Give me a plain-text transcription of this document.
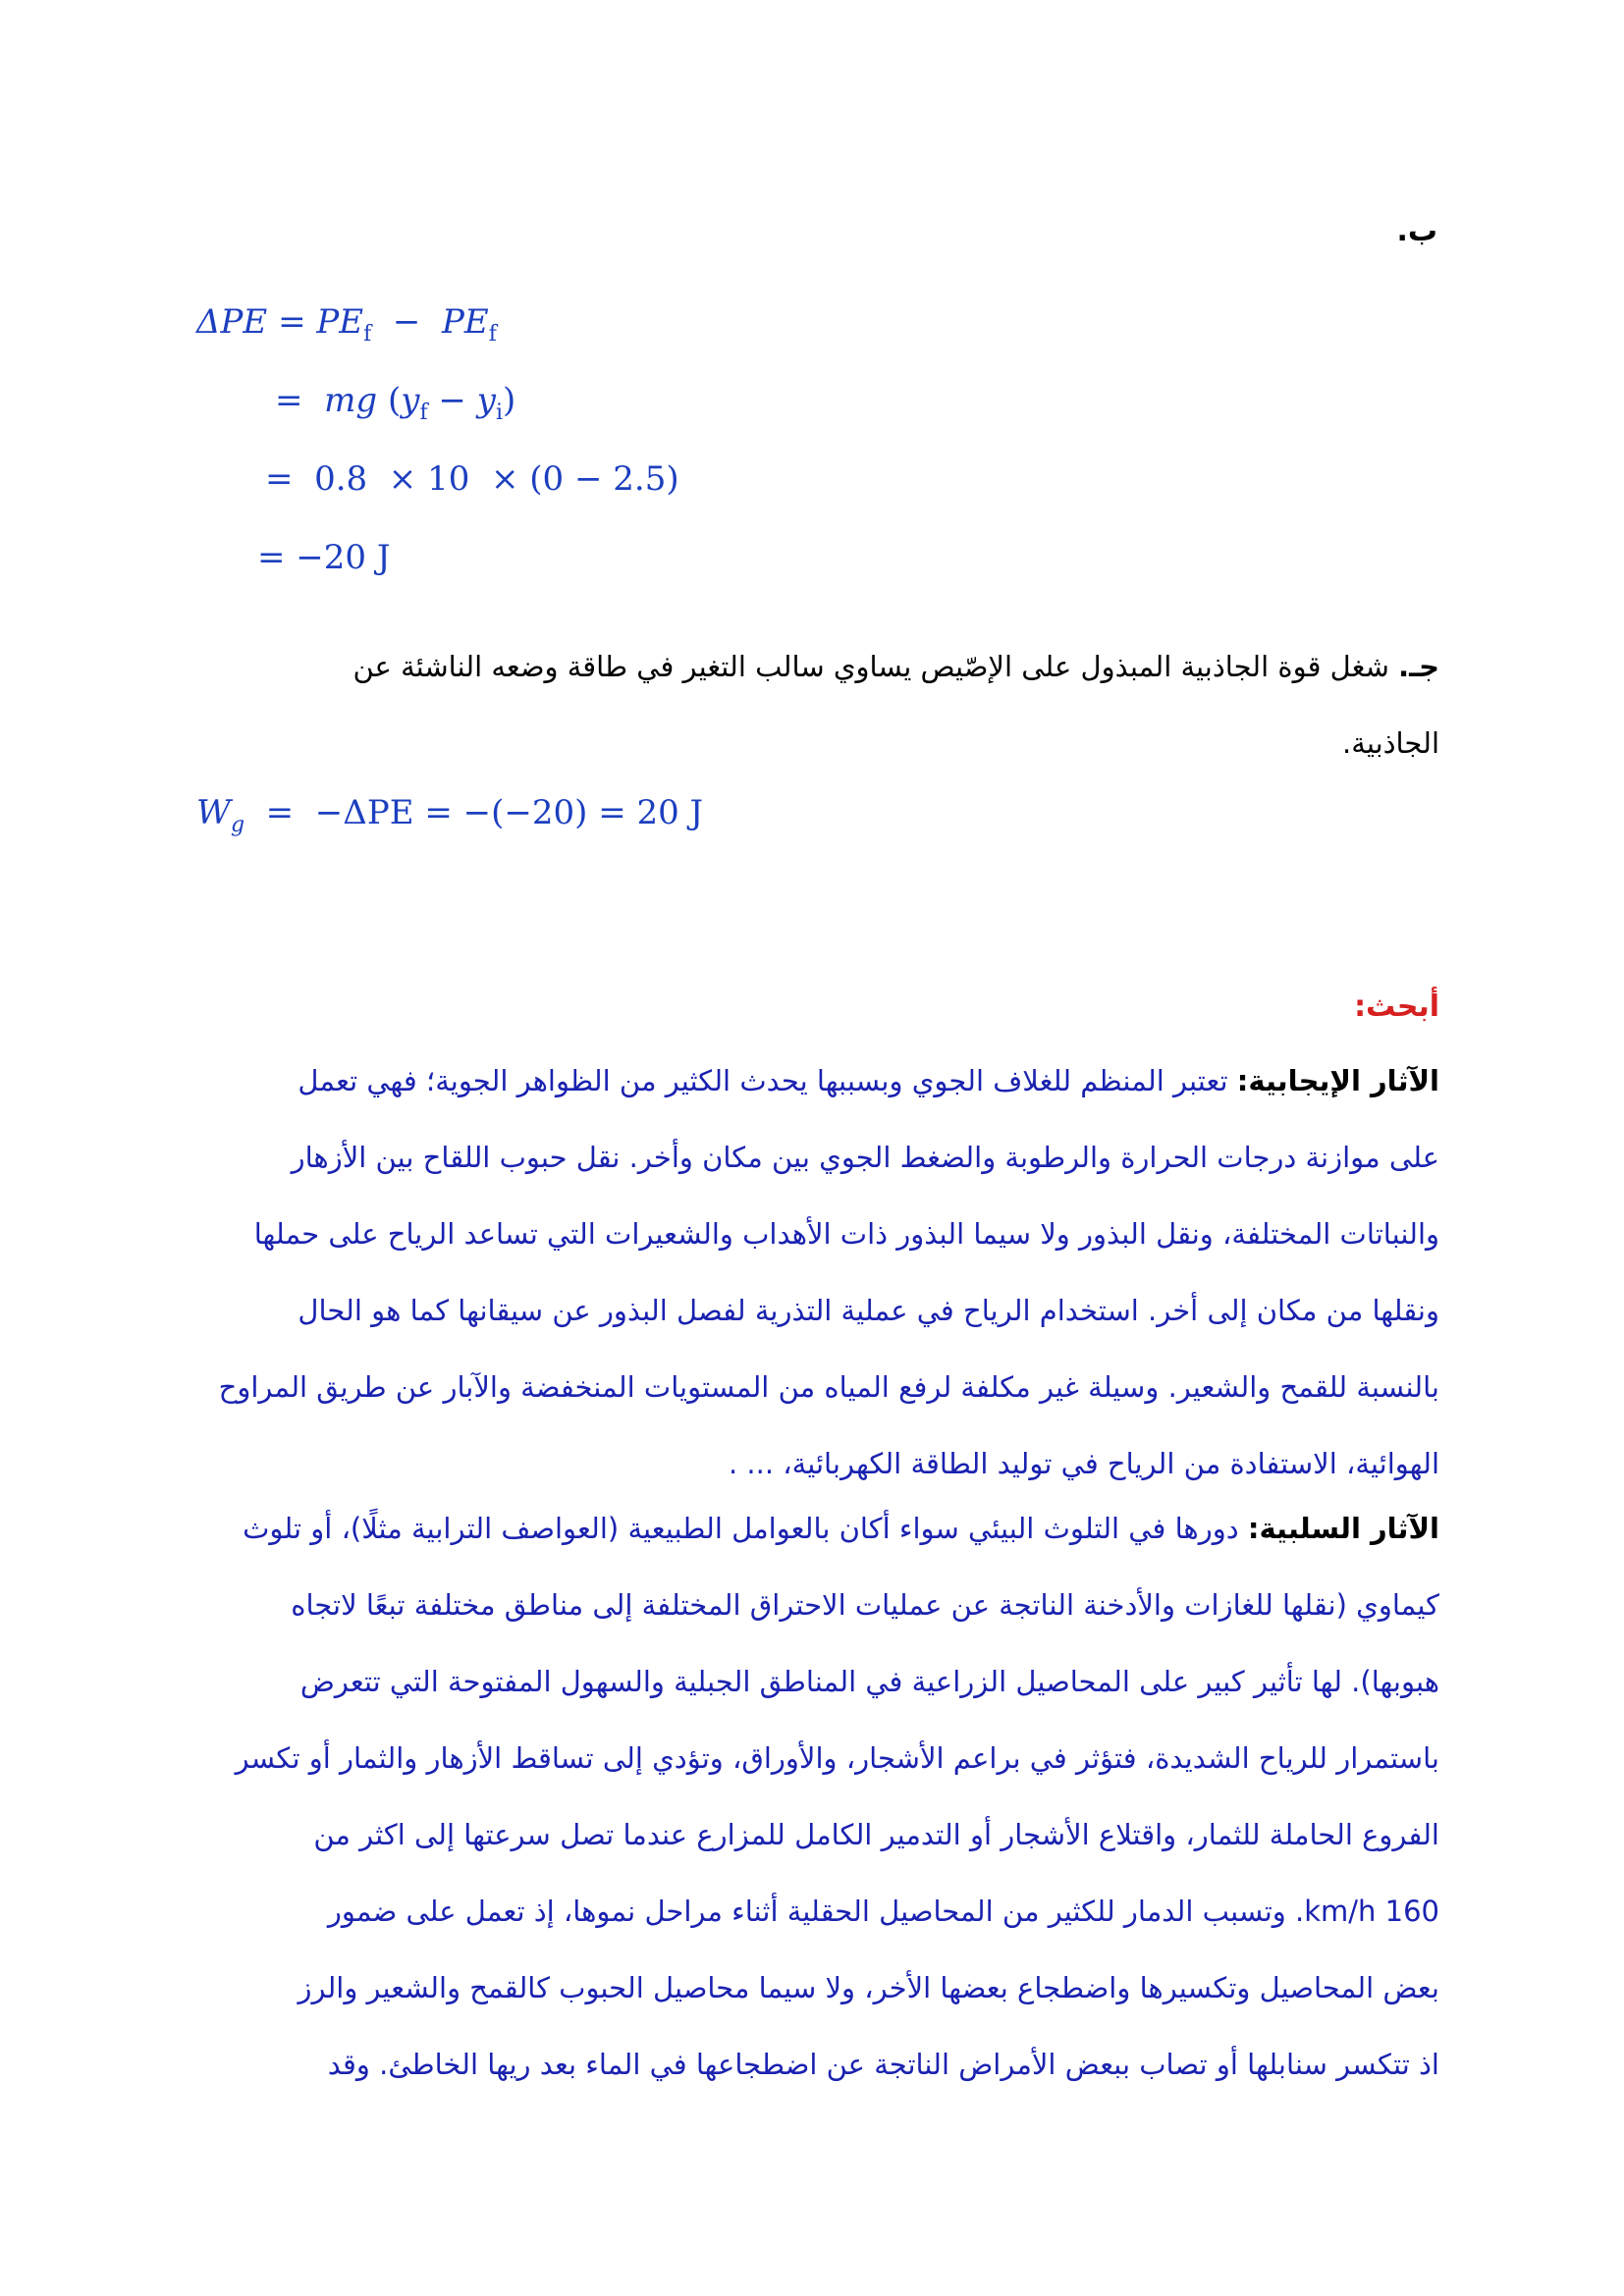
ب.
$\Delta PE = PE_f - PE_f$
= mg $(y_f - y_i)$
=  0.8  × 10  × (0 − 2.5)
= −20 J
جـ. شغل قوة الجاذبية المبذول على الإصّيص يساوي سالب التغير في طاقة وضعه الناشئة عن
الجاذبية.
$W_g = -\Delta PE = -(-20) = 20$ J
أبحث:
الآثار الإيجابية: تعتبر المنظم للغلاف الجوي وبسببها يحدث الكثير من الظواهر الجوية؛ فهي تعمل
على موازنة درجات الحرارة والرطوبة والضغط الجوي بين مكان وأخر. نقل حبوب اللقاح بين الأزهار
والنباتات المختلفة، ونقل البذور ولا سيما البذور ذات الأهداب والشعيرات التي تساعد الرياح على حملها
ونقلها من مكان إلى أخر. استخدام الرياح في عملية التذرية لفصل البذور عن سيقانها كما هو الحال
بالنسبة للقمح والشعير. وسيلة غير مكلفة لرفع المياه من المستويات المنخفضة والآبار عن طريق المراوح
الهوائية، الاستفادة من الرياح في توليد الطاقة الكهربائية، ... .
الآثار السلبية: دورها في التلوث البيئي سواء أكان بالعوامل الطبيعية (العواصف الترابية مثلًا)، أو تلوث
كيماوي (نقلها للغازات والأدخنة الناتجة عن عمليات الاحتراق المختلفة إلى مناطق مختلفة تبعًا لاتجاه
هبوبها). لها تأثير كبير على المحاصيل الزراعية في المناطق الجبلية والسهول المفتوحة التي تتعرض
باستمرار للرياح الشديدة، فتؤثر في براعم الأشجار، والأوراق، وتؤدي إلى تساقط الأزهار والثمار أو تكسر
الفروع الحاملة للثمار، واقتلاع الأشجار أو التدمير الكامل للمزارع عندما تصل سرعتها إلى اكثر من
160 km/h. وتسبب الدمار للكثير من المحاصيل الحقلية أثناء مراحل نموها، إذ تعمل على ضمور
بعض المحاصيل وتكسيرها واضطجاع بعضها الأخر، ولا سيما محاصيل الحبوب كالقمح والشعير والرز
اذ تتكسر سنابلها أو تصاب ببعض الأمراض الناتجة عن اضطجاعها في الماء بعد ريها الخاطئ. وقد
